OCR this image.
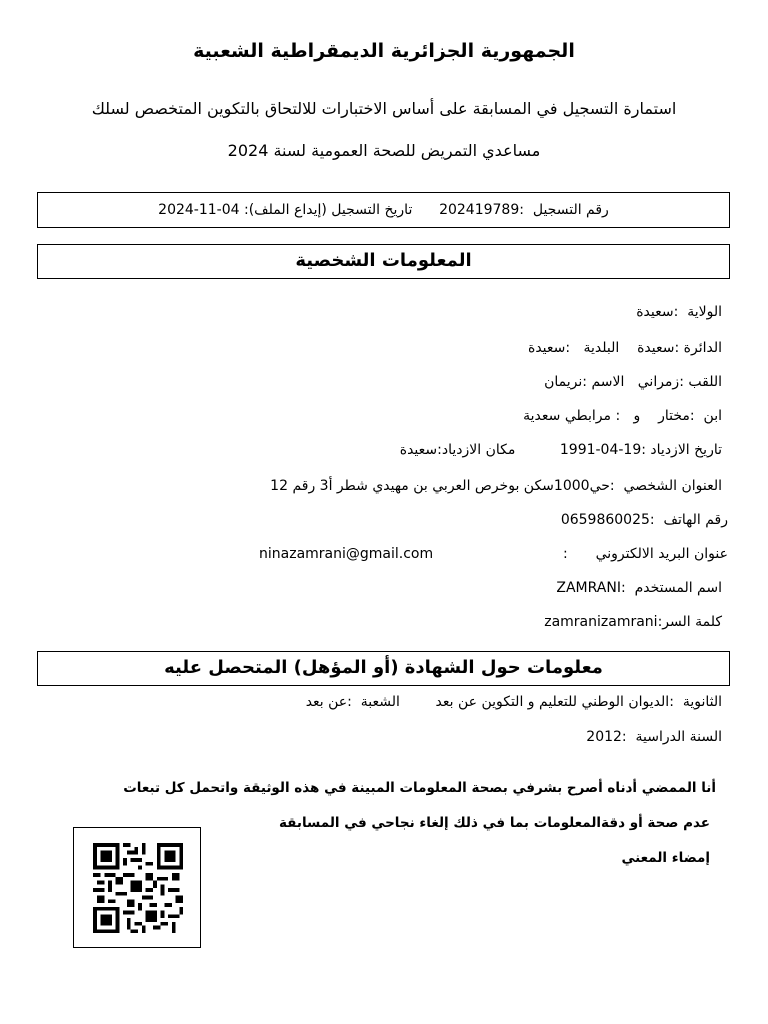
الجمهورية الجزائرية الديمقراطية الشعبية
استمارة التسجيل في المسابقة على أساس الاختبارات للالتحاق بالتكوين المتخصص لسلك
مساعدي التمريض للصحة العمومية لسنة 2024
رقم التسجيل  :202419789      تاريخ التسجيل (إيداع الملف): 2024-11-04
المعلومات الشخصية
الولاية  :سعيدة
الدائرة :سعيدة    البلدية   :سعيدة
اللقب :زمراني   الاسم :نريمان
ابن  :مختار    و   : مرابطي سعدية
تاريخ الازدياد :1991-04-19          مكان الازدياد:سعيدة
العنوان الشخصي  :حي1000سكن بوخرص العربي بن مهيدي شطر أ3 رقم 12
رقم الهاتف  :0659860025
عنوان البريد الالكتروني
:
ninazamrani@gmail.com
اسم المستخدم  :ZAMRANI
كلمة السر:zamranizamrani
معلومات حول الشهادة (أو المؤهل) المتحصل عليه
الثانوية  :الديوان الوطني للتعليم و التكوين عن بعد        الشعبة  :عن بعد
السنة الدراسية  :2012
أنا الممضي أدناه أصرح بشرفي بصحة المعلومات المبينة في هذه الوثيقة واتحمل كل تبعات
عدم صحة أو دقةالمعلومات بما في ذلك إلغاء نجاحي في المسابقة
إمضاء المعني
